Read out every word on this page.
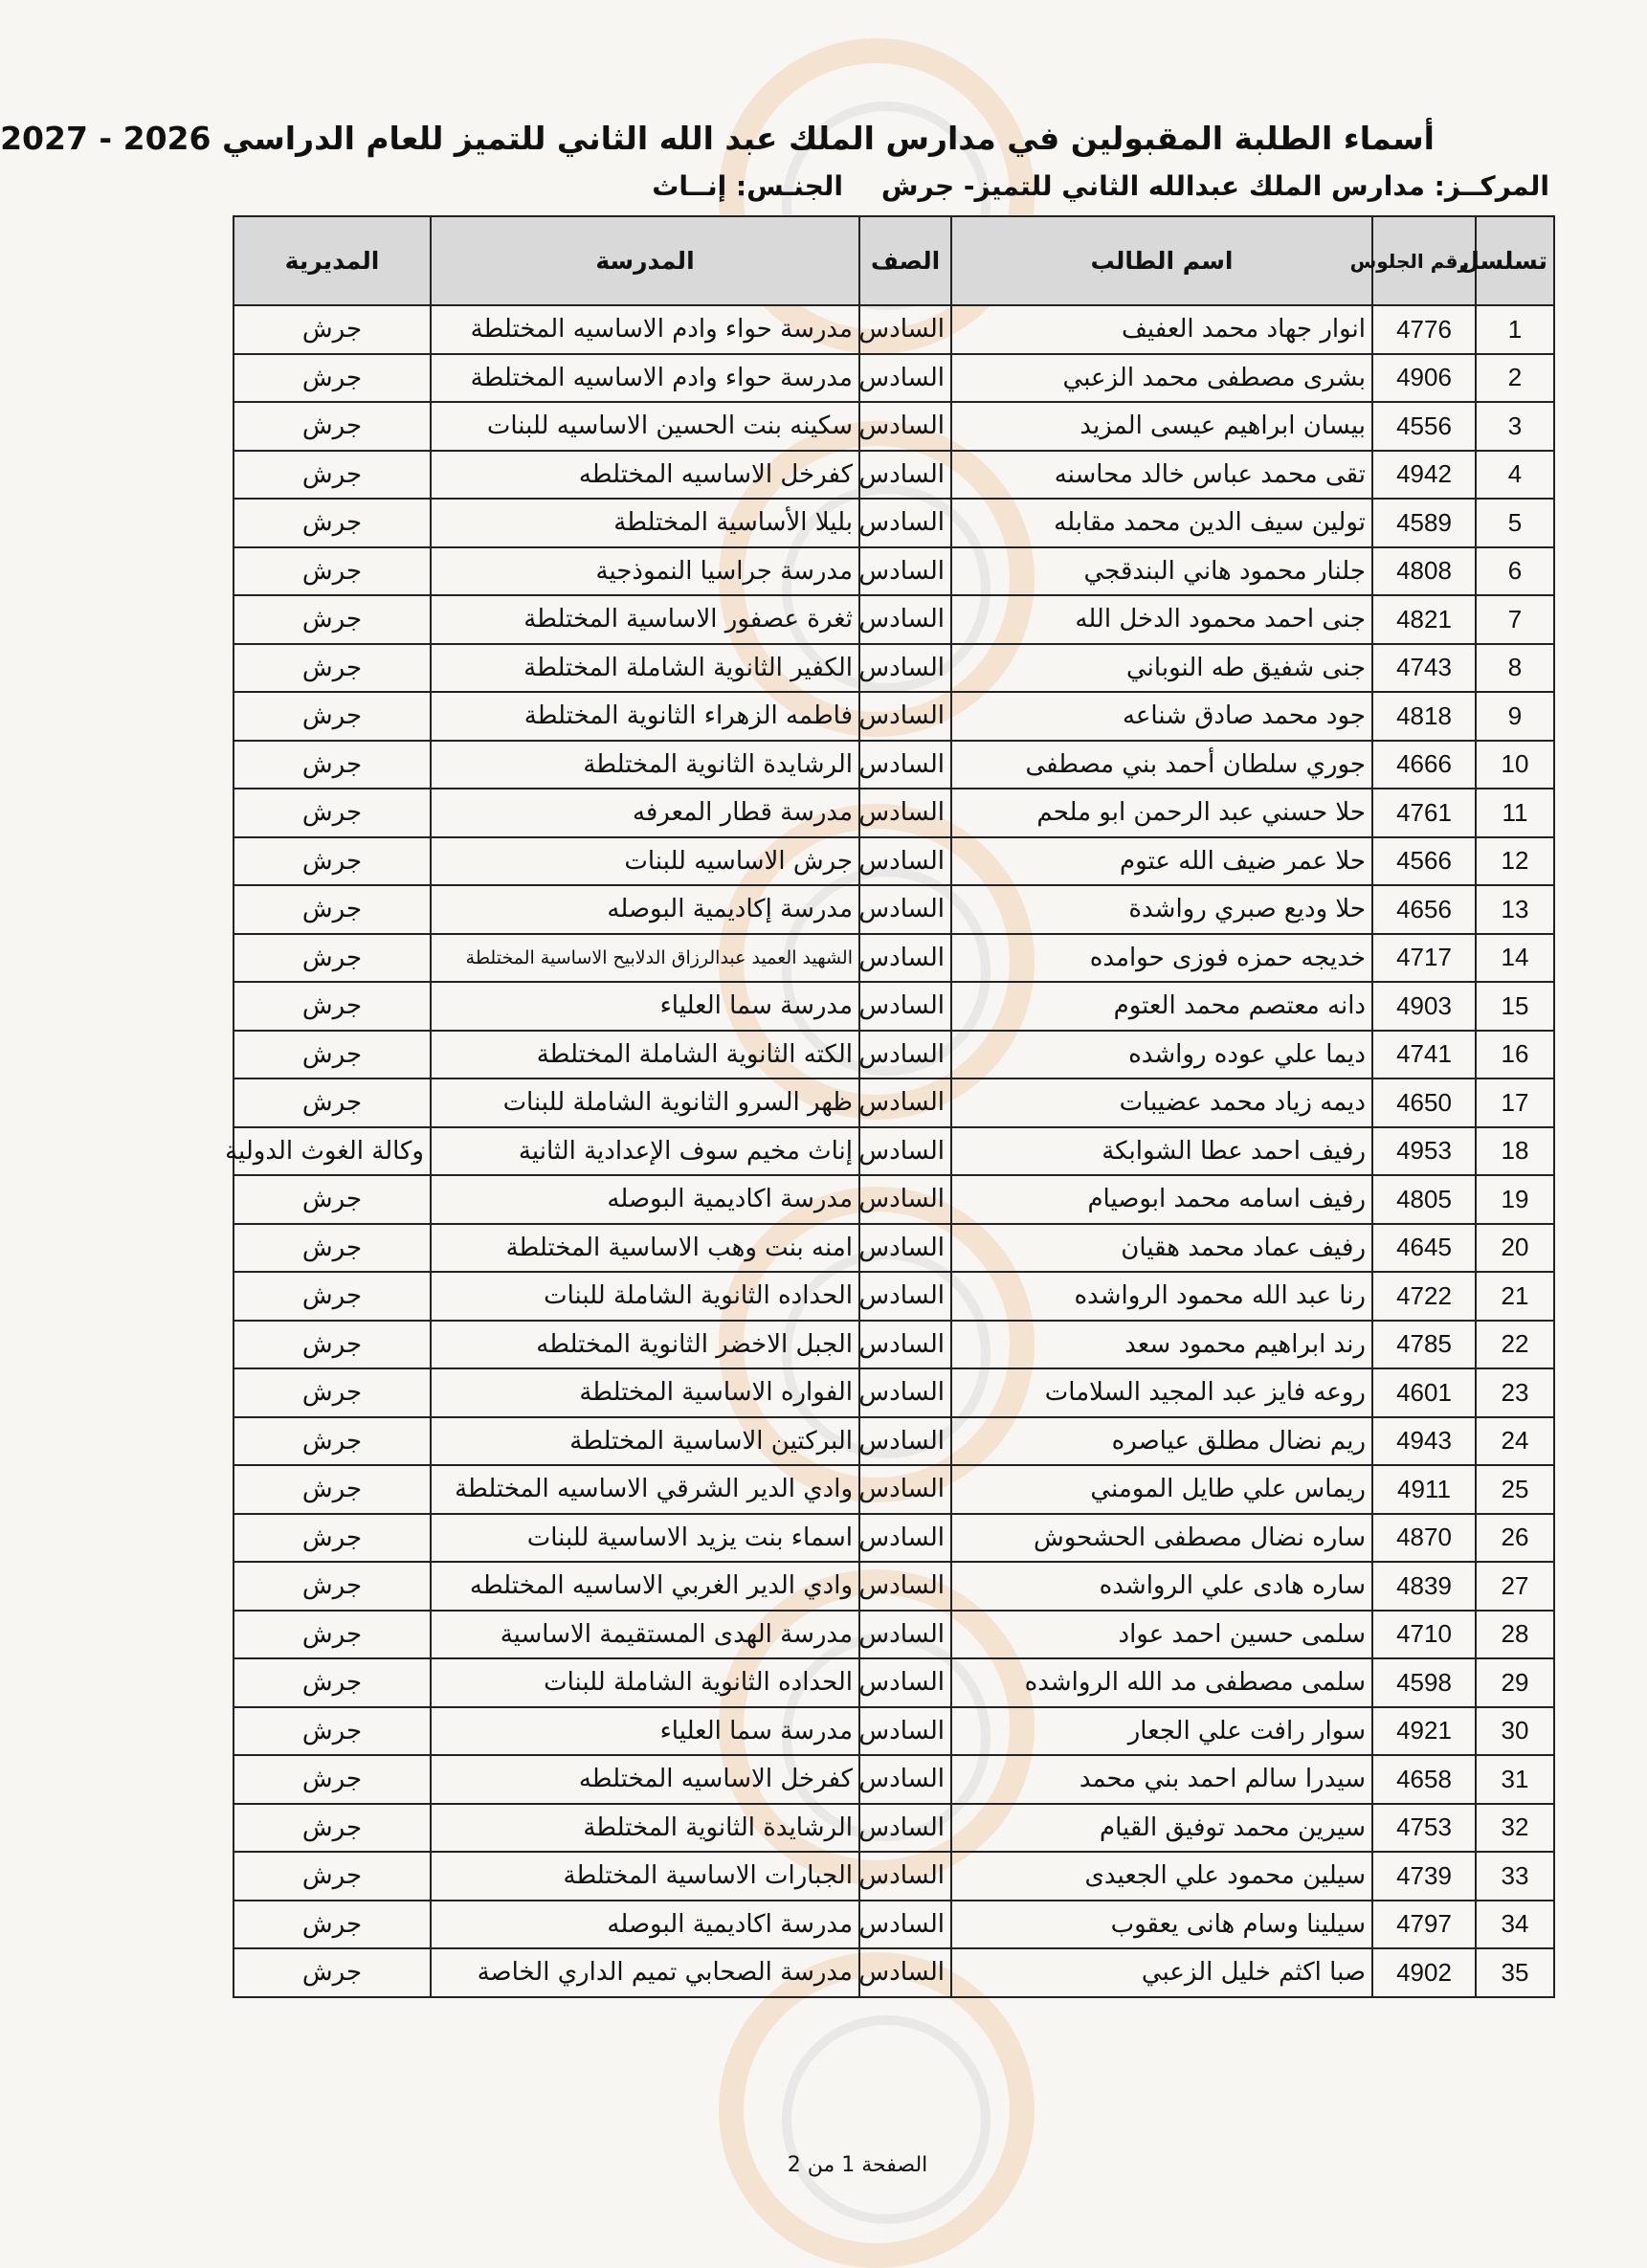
أسماء الطلبة المقبولين في مدارس الملك عبد الله الثاني للتميز للعام الدراسي 2026 - 2027
المركــز: مدارس الملك عبدالله الثاني للتميز- جرش
الجنـس: إنــاث
تسلسل	رقم الجلوس	اسم الطالب	الصف	المدرسة	المديرية
1	4776	انوار جهاد محمد العفيف	السادس	مدرسة حواء وادم الاساسيه المختلطة	جرش
2	4906	بشرى مصطفى محمد الزعبي	السادس	مدرسة حواء وادم الاساسيه المختلطة	جرش
3	4556	بيسان ابراهيم عيسى المزيد	السادس	سكينه بنت الحسين الاساسيه للبنات	جرش
4	4942	تقى محمد عباس خالد محاسنه	السادس	كفرخل الاساسيه المختلطه	جرش
5	4589	تولين سيف الدين محمد مقابله	السادس	بليلا الأساسية المختلطة	جرش
6	4808	جلنار محمود هاني البندقجي	السادس	مدرسة جراسيا النموذجية	جرش
7	4821	جنى احمد محمود الدخل الله	السادس	ثغرة عصفور الاساسية المختلطة	جرش
8	4743	جنى شفيق طه النوباني	السادس	الكفير الثانوية الشاملة المختلطة	جرش
9	4818	جود محمد صادق شناعه	السادس	فاطمه الزهراء الثانوية المختلطة	جرش
10	4666	جوري سلطان أحمد بني مصطفى	السادس	الرشايدة الثانوية المختلطة	جرش
11	4761	حلا حسني عبد الرحمن ابو ملحم	السادس	مدرسة قطار المعرفه	جرش
12	4566	حلا عمر ضيف الله عتوم	السادس	جرش الاساسيه للبنات	جرش
13	4656	حلا وديع صبري رواشدة	السادس	مدرسة إكاديمية البوصله	جرش
14	4717	خديجه حمزه فوزى حوامده	السادس	الشهيد العميد عبدالرزاق الدلابيح الاساسية المختلطة	جرش
15	4903	دانه معتصم محمد العتوم	السادس	مدرسة سما العلياء	جرش
16	4741	ديما علي عوده رواشده	السادس	الكته الثانوية الشاملة المختلطة	جرش
17	4650	ديمه زياد محمد عضيبات	السادس	ظهر السرو الثانوية الشاملة للبنات	جرش
18	4953	رفيف احمد عطا الشوابكة	السادس	إناث مخيم سوف الإعدادية الثانية	وكالة الغوث الدولية
19	4805	رفيف اسامه محمد ابوصيام	السادس	مدرسة اكاديمية البوصله	جرش
20	4645	رفيف عماد محمد هقيان	السادس	امنه بنت وهب الاساسية المختلطة	جرش
21	4722	رنا عبد الله محمود الرواشده	السادس	الحداده الثانوية الشاملة للبنات	جرش
22	4785	رند ابراهيم محمود سعد	السادس	الجبل الاخضر الثانوية المختلطه	جرش
23	4601	روعه فايز عبد المجيد السلامات	السادس	الفواره الاساسية المختلطة	جرش
24	4943	ريم نضال مطلق عياصره	السادس	البركتين الاساسية المختلطة	جرش
25	4911	ريماس علي طايل المومني	السادس	وادي الدير الشرقي الاساسيه المختلطة	جرش
26	4870	ساره نضال مصطفى الحشحوش	السادس	اسماء بنت يزيد الاساسية للبنات	جرش
27	4839	ساره هادى علي الرواشده	السادس	وادي الدير الغربي الاساسيه المختلطه	جرش
28	4710	سلمى حسين احمد عواد	السادس	مدرسة الهدى المستقيمة الاساسية	جرش
29	4598	سلمى مصطفى مد الله الرواشده	السادس	الحداده الثانوية الشاملة للبنات	جرش
30	4921	سوار رافت علي الجعار	السادس	مدرسة سما العلياء	جرش
31	4658	سيدرا سالم احمد بني محمد	السادس	كفرخل الاساسيه المختلطه	جرش
32	4753	سيرين محمد توفيق القيام	السادس	الرشايدة الثانوية المختلطة	جرش
33	4739	سيلين محمود علي الجعيدى	السادس	الجبارات الاساسية المختلطة	جرش
34	4797	سيلينا وسام هانى يعقوب	السادس	مدرسة اكاديمية البوصله	جرش
35	4902	صبا اكثم خليل الزعبي	السادس	مدرسة الصحابي تميم الداري الخاصة	جرش
الصفحة 1 من 2
